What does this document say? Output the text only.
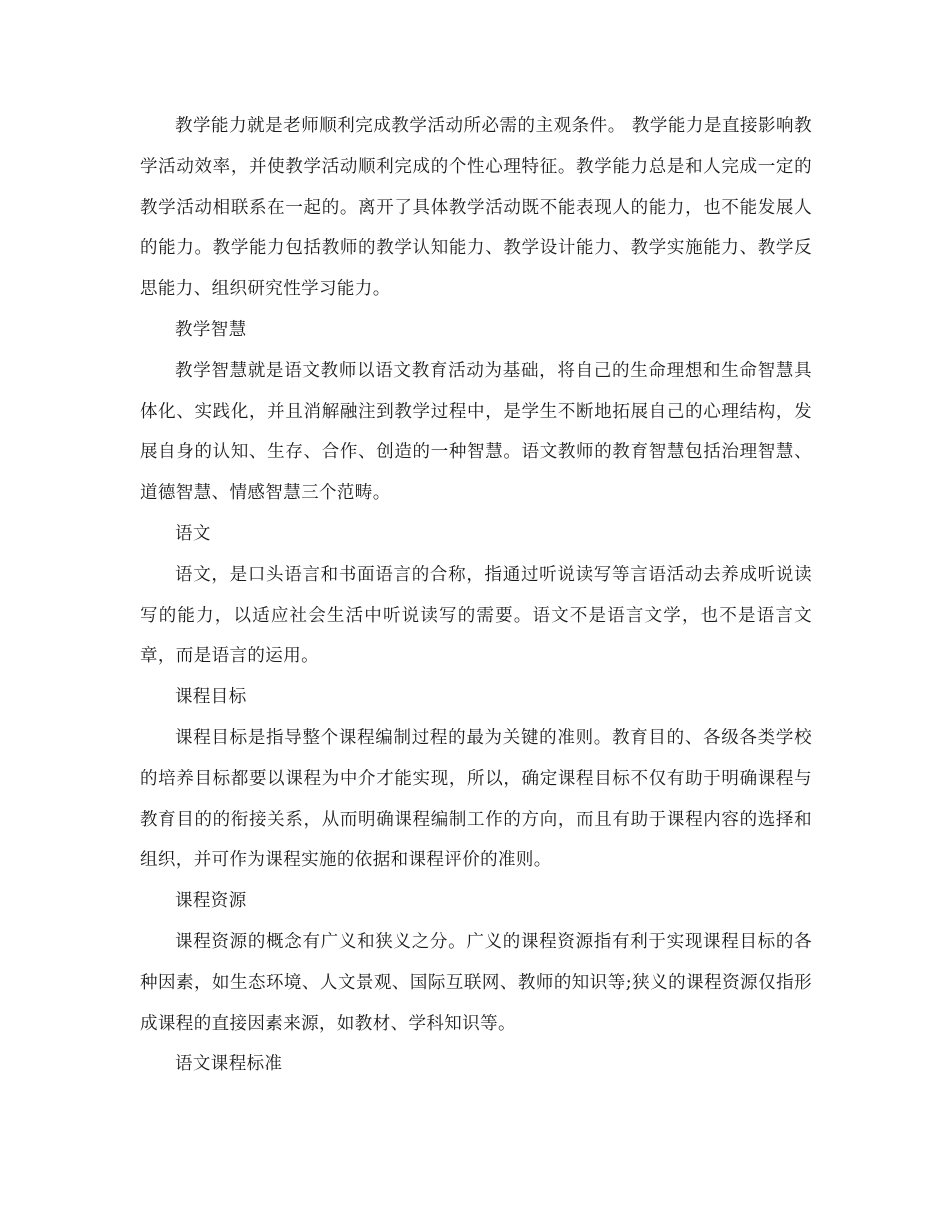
教学能力就是老师顺利完成教学活动所必需的主观条件。 教学能力是直接影响教学活动效率，并使教学活动顺利完成的个性心理特征。教学能力总是和人完成一定的教学活动相联系在一起的。离开了具体教学活动既不能表现人的能力，也不能发展人的能力。教学能力包括教师的教学认知能力、教学设计能力、教学实施能力、教学反思能力、组织研究性学习能力。

教学智慧

教学智慧就是语文教师以语文教育活动为基础，将自己的生命理想和生命智慧具体化、实践化，并且消解融注到教学过程中，是学生不断地拓展自己的心理结构，发展自身的认知、生存、合作、创造的一种智慧。语文教师的教育智慧包括治理智慧、道德智慧、情感智慧三个范畴。

语文

语文，是口头语言和书面语言的合称，指通过听说读写等言语活动去养成听说读写的能力，以适应社会生活中听说读写的需要。语文不是语言文学，也不是语言文章，而是语言的运用。

课程目标

课程目标是指导整个课程编制过程的最为关键的准则。教育目的、各级各类学校的培养目标都要以课程为中介才能实现，所以，确定课程目标不仅有助于明确课程与教育目的的衔接关系，从而明确课程编制工作的方向，而且有助于课程内容的选择和组织，并可作为课程实施的依据和课程评价的准则。

课程资源

课程资源的概念有广义和狭义之分。广义的课程资源指有利于实现课程目标的各种因素，如生态环境、人文景观、国际互联网、教师的知识等;狭义的课程资源仅指形成课程的直接因素来源，如教材、学科知识等。

语文课程标准
